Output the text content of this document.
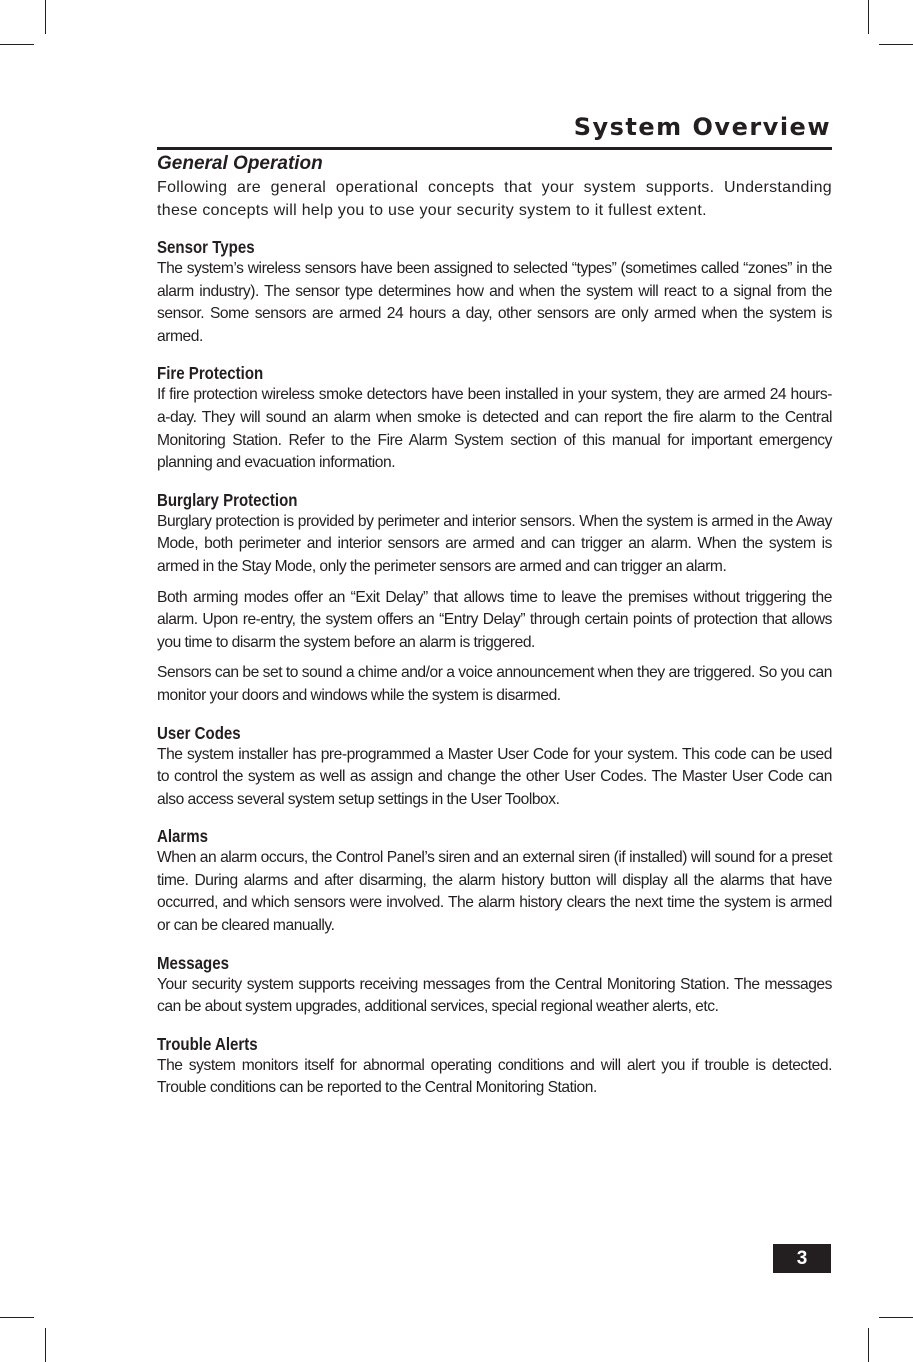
System Overview
General Operation

Following are general operational concepts that your system supports. Understanding these concepts will help you to use your security system to it fullest extent.

Sensor Types

The system’s wireless sensors have been assigned to selected “types” (sometimes called “zones” in the alarm industry). The sensor type determines how and when the system will react to a signal from the sensor. Some sensors are armed 24 hours a day, other sensors are only armed when the system is armed.

Fire Protection

If fire protection wireless smoke detectors have been installed in your system, they are armed 24 hours-a-day. They will sound an alarm when smoke is detected and can report the fire alarm to the Central Monitoring Station. Refer to the Fire Alarm System section of this manual for important emergency planning and evacuation information.

Burglary Protection

Burglary protection is provided by perimeter and interior sensors. When the system is armed in the Away Mode, both perimeter and interior sensors are armed and can trigger an alarm. When the system is armed in the Stay Mode, only the perimeter sensors are armed and can trigger an alarm.

Both arming modes offer an “Exit Delay” that allows time to leave the premises without triggering the alarm. Upon re-entry, the system offers an “Entry Delay” through certain points of protection that allows you time to disarm the system before an alarm is triggered.

Sensors can be set to sound a chime and/or a voice announcement when they are triggered. So you can monitor your doors and windows while the system is disarmed.

User Codes

The system installer has pre-programmed a Master User Code for your system. This code can be used to control the system as well as assign and change the other User Codes. The Master User Code can also access several system setup settings in the User Toolbox.

Alarms

When an alarm occurs, the Control Panel’s siren and an external siren (if installed) will sound for a preset time. During alarms and after disarming, the alarm history button will display all the alarms that have occurred, and which sensors were involved. The alarm history clears the next time the system is armed or can be cleared manually.

Messages

Your security system supports receiving messages from the Central Monitoring Station. The messages can be about system upgrades, additional services, special regional weather alerts, etc.

Trouble Alerts

The system monitors itself for abnormal operating conditions and will alert you if trouble is detected. Trouble conditions can be reported to the Central Monitoring Station.

3
